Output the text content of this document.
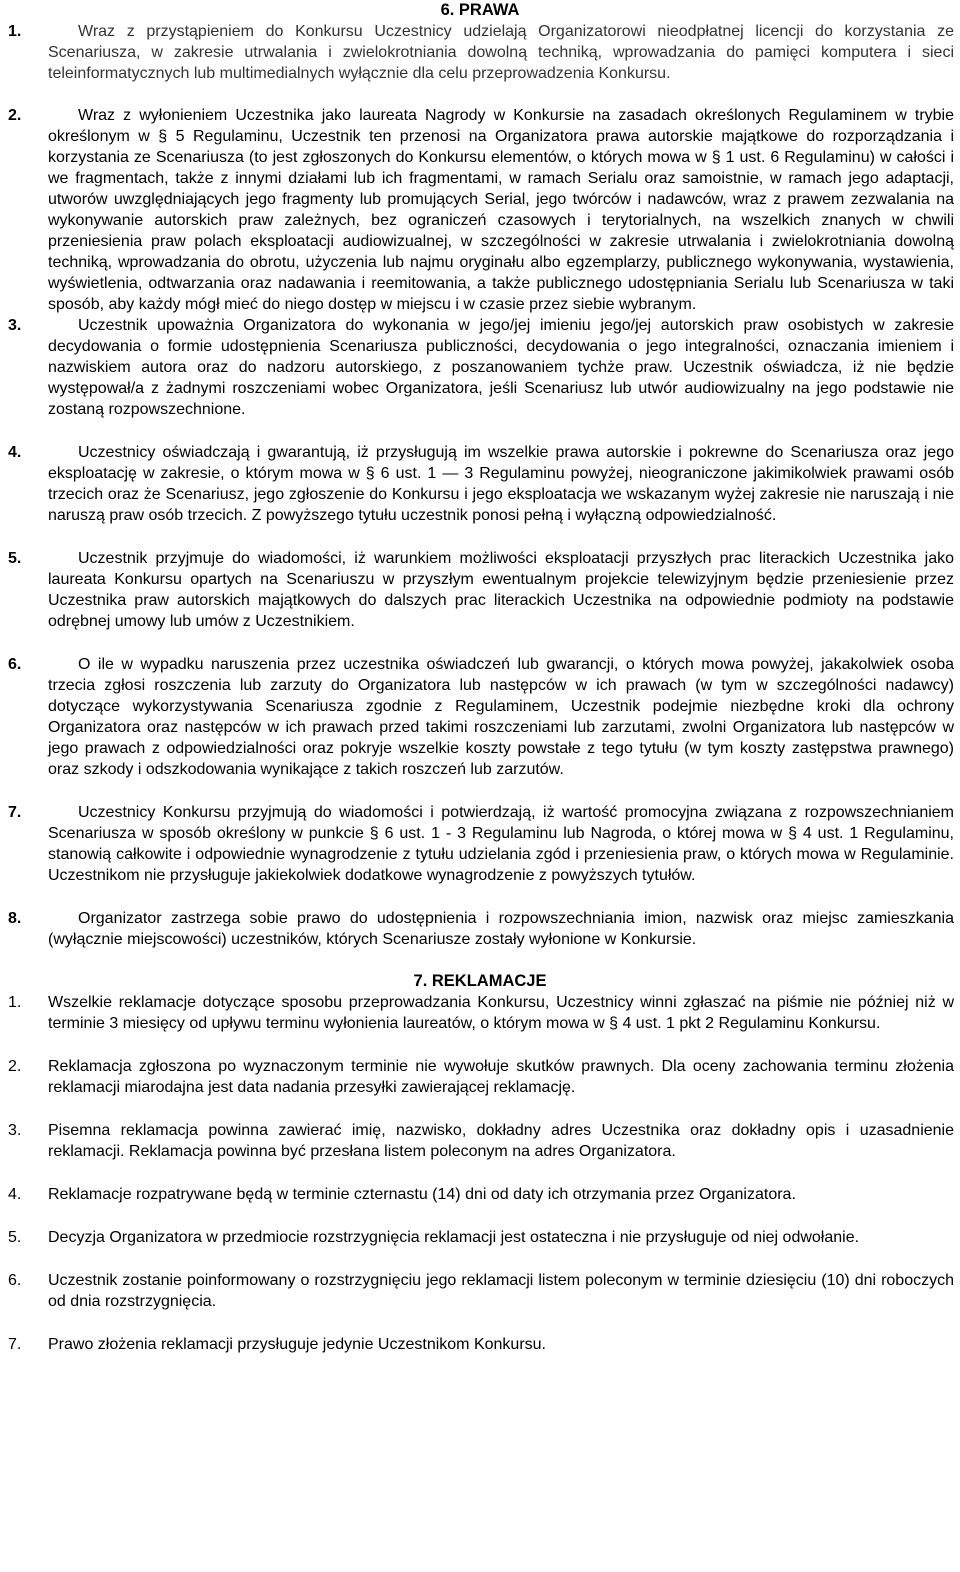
6. PRAWA
1.	Wraz z przystąpieniem do Konkursu Uczestnicy udzielają Organizatorowi nieodpłatnej licencji do korzystania ze Scenariusza, w zakresie utrwalania i zwielokrotniania dowolną techniką, wprowadzania do pamięci komputera i sieci teleinformatycznych lub multimedialnych wyłącznie dla celu przeprowadzenia Konkursu.
2.	Wraz z wyłonieniem Uczestnika jako laureata Nagrody w Konkursie na zasadach określonych Regulaminem w trybie określonym w § 5 Regulaminu, Uczestnik ten przenosi na Organizatora prawa autorskie majątkowe do rozporządzania i korzystania ze Scenariusza (to jest zgłoszonych do Konkursu elementów, o których mowa w § 1 ust. 6 Regulaminu) w całości i we fragmentach, także z innymi działami lub ich fragmentami, w ramach Serialu oraz samoistnie, w ramach jego adaptacji, utworów uwzględniających jego fragmenty lub promujących Serial, jego twórców i nadawców, wraz z prawem zezwalania na wykonywanie autorskich praw zależnych, bez ograniczeń czasowych i terytorialnych, na wszelkich znanych w chwili przeniesienia praw polach eksploatacji audiowizualnej, w szczególności w zakresie utrwalania i zwielokrotniania dowolną techniką, wprowadzania do obrotu, użyczenia lub najmu oryginału albo egzemplarzy, publicznego wykonywania, wystawienia, wyświetlenia, odtwarzania oraz nadawania i reemitowania, a także publicznego udostępniania Serialu lub Scenariusza w taki sposób, aby każdy mógł mieć do niego dostęp w miejscu i w czasie przez siebie wybranym.
3.	Uczestnik upoważnia Organizatora do wykonania w jego/jej imieniu jego/jej autorskich praw osobistych w zakresie decydowania o formie udostępnienia Scenariusza publiczności, decydowania o jego integralności, oznaczania imieniem i nazwiskiem autora oraz do nadzoru autorskiego, z poszanowaniem tychże praw. Uczestnik oświadcza, iż nie będzie występował/a z żadnymi roszczeniami wobec Organizatora, jeśli Scenariusz lub utwór audiowizualny na jego podstawie nie zostaną rozpowszechnione.
4.	Uczestnicy oświadczają i gwarantują, iż przysługują im wszelkie prawa autorskie i pokrewne do Scenariusza oraz jego eksploatację w zakresie, o którym mowa w § 6 ust. 1 — 3 Regulaminu powyżej, nieograniczone jakimikolwiek prawami osób trzecich oraz że Scenariusz, jego zgłoszenie do Konkursu i jego eksploatacja we wskazanym wyżej zakresie nie naruszają i nie naruszą praw osób trzecich. Z powyższego tytułu uczestnik ponosi pełną i wyłączną odpowiedzialność.
5.	Uczestnik przyjmuje do wiadomości, iż warunkiem możliwości eksploatacji przyszłych prac literackich Uczestnika jako laureata Konkursu opartych na Scenariuszu w przyszłym ewentualnym projekcie telewizyjnym będzie przeniesienie przez Uczestnika praw autorskich majątkowych do dalszych prac literackich Uczestnika na odpowiednie podmioty na podstawie odrębnej umowy lub umów z Uczestnikiem.
6.	O ile w wypadku naruszenia przez uczestnika oświadczeń lub gwarancji, o których mowa powyżej, jakakolwiek osoba trzecia zgłosi roszczenia lub zarzuty do Organizatora lub następców w ich prawach (w tym w szczególności nadawcy) dotyczące wykorzystywania Scenariusza zgodnie z Regulaminem, Uczestnik podejmie niezbędne kroki dla ochrony Organizatora oraz następców w ich prawach przed takimi roszczeniami lub zarzutami, zwolni Organizatora lub następców w jego prawach z odpowiedzialności oraz pokryje wszelkie koszty powstałe z tego tytułu (w tym koszty zastępstwa prawnego) oraz szkody i odszkodowania wynikające z takich roszczeń lub zarzutów.
7.	Uczestnicy Konkursu przyjmują do wiadomości i potwierdzają, iż wartość promocyjna związana z rozpowszechnianiem Scenariusza w sposób określony w punkcie § 6 ust. 1 - 3 Regulaminu lub Nagroda, o której mowa w § 4 ust. 1 Regulaminu, stanowią całkowite i odpowiednie wynagrodzenie z tytułu udzielania zgód i przeniesienia praw, o których mowa w Regulaminie. Uczestnikom nie przysługuje jakiekolwiek dodatkowe wynagrodzenie z powyższych tytułów.
8.	Organizator zastrzega sobie prawo do udostępnienia i rozpowszechniania imion, nazwisk oraz miejsc zamieszkania (wyłącznie miejscowości) uczestników, których Scenariusze zostały wyłonione w Konkursie.
7. REKLAMACJE
1.	Wszelkie reklamacje dotyczące sposobu przeprowadzania Konkursu, Uczestnicy winni zgłaszać na piśmie nie później niż w terminie 3 miesięcy od upływu terminu wyłonienia laureatów, o którym mowa w § 4 ust. 1 pkt 2 Regulaminu Konkursu.
2.	Reklamacja zgłoszona po wyznaczonym terminie nie wywołuje skutków prawnych. Dla oceny zachowania terminu złożenia reklamacji miarodajna jest data nadania przesyłki zawierającej reklamację.
3.	Pisemna reklamacja powinna zawierać imię, nazwisko, dokładny adres Uczestnika oraz dokładny opis i uzasadnienie reklamacji. Reklamacja powinna być przesłana listem poleconym na adres Organizatora.
4.	Reklamacje rozpatrywane będą w terminie czternastu (14) dni od daty ich otrzymania przez Organizatora.
5.	Decyzja Organizatora w przedmiocie rozstrzygnięcia reklamacji jest ostateczna i nie przysługuje od niej odwołanie.
6.	Uczestnik zostanie poinformowany o rozstrzygnięciu jego reklamacji listem poleconym w terminie dziesięciu (10) dni roboczych od dnia rozstrzygnięcia.
7.	Prawo złożenia reklamacji przysługuje jedynie Uczestnikom Konkursu.
